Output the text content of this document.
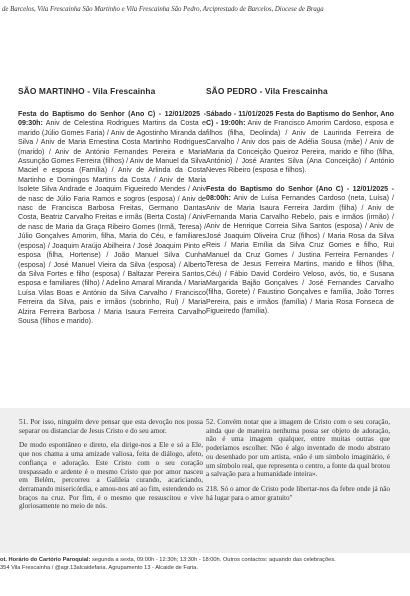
de Barcelos, Vila Frescainha São Martinho e Vila Frescainha São Pedro, Arciprestado de Barcelos, Diocese de Braga
SÃO MARTINHO - Vila Frescainha

Festa do Baptismo do Senhor (Ano C) - 12/01/2025 - 09:30h: Aniv de Celestina Rodrigues Martins da Costa e marido (Júlio Gomes Faria) / Aniv de Agostinho Miranda da Silva / Aniv de Maria Ernestina Costa Martinho Rodrigues (marido) / Aniv de António Fernandes Pereira e Maria Assunção Gomes Ferreira (filhos) / Aniv de Manuel da Silva Maciel e esposa (Família) / Aniv de Arlinda da Costa Martinho e Domingos Martins da Costa / Aniv de Maria Isolete Silva Andrade e Joaquim Figueiredo Mendes / Aniv de nasc de Júlio Faria Ramos e sogros (esposa) / Aniv de nasc de Francisca Barbosa Freitas, Germano Dantas Costa, Beatriz Carvalho Freitas e irmãs (Berta Costa) / Aniv de nasc de Maria da Graça Ribeiro Gomes (Irmã, Teresa) / Júlio Gonçalves Amorim, filha, Maria do Céu, e familiares (esposa) / Joaquim Araújo Abilheira / José Joaquim Pinto e esposa (filha, Hortense) / João Manuel Silva Cunha (esposa) / José Manuel Vieira da Silva (esposa) / Alberto da Silva Fortes e filho (esposa) / Baltazar Pereira Santos, esposa e familiares (filho) / Adelino Amaral Miranda / Maria Luísa Vilas Boas e António da Silva Carvalho / Francisco Ferreira da Silva, pais e irmãos (sobrinho, Rui) / Maria Alzira Ferreira Barbosa / Maria Isaura Ferreira Carvalho Sousa (filhos e marido).

SÃO PEDRO - Vila Frescainha

Sábado - 11/01/2025 Festa do Baptismo do Senhor, Ano C) - 19:00h: Aniv de Francisco Amorim Cardoso, esposa e filhos (filha, Deolinda) / Aniv de Laurinda Ferreira de Carvalho / Aniv dos pais de Adélia Sousa (mãe) / Aniv de Maria da Conceição Queiroz Pereira, marido e filho (filha, António) / José Arantes Silva (Ana Conceição) / António Neves Ribeiro (esposa e filhos).

Festa do Baptismo do Senhor (Ano C) - 12/01/2025 - 08:00h: Aniv de Luísa Fernandes Cardoso (neta, Luísa) / Aniv de Maria Isaura Ferreira Jardim (filha) / Aniv de Fernanda Maria Carvalho Rebelo, pais e irmãos (irmão) / Aniv de Henrique Correia Silva Santos (esposa) / Aniv de José Joaquim Oliveira Cruz (filhos) / Maria Rosa da Silva Reis / Maria Emília da Silva Cruz Gomes e filho, Rui Manuel da Cruz Gomes / Justina Ferreira Fernandes / Teresa de Jesus Ferreira Martins, marido e filhos (filha, Céu) / Fábio David Cordeiro Veloso, avós, tio, e Susana Margarida Bajão Gonçalves / José Fernandes Carvalho (filha, Gorete) / Faustino Gonçalves e família, João Torres Pereira, pais e irmãos (família) / Maria Rosa Fonseca de Figueiredo (família).

51. Por isso, ninguém deve pensar que esta devoção nos possa separar ou distanciar de Jesus Cristo e do seu amor.

De modo espontâneo e direto, ela dirige-nos a Ele e só a Ele, que nos chama a uma amizade valiosa, feita de diálogo, afeto, confiança e adoração. Este Cristo com o seu coração trespassado e ardente é o mesmo Cristo que por amor nasceu em Belém, percorreu a Galileia curando, acariciando, derramando misericórdia, e amou-nos até ao fim, estendendo os braços na cruz. Por fim, é o mesmo que ressuscitou e vive gloriosamente no meio de nós.

52. Convém notar que a imagem de Cristo com o seu coração, ainda que de maneira nenhuma possa ser objeto de adoração, não é uma imagem qualquer, entre muitas outras que poderíamos escolher. Não é algo inventado de modo abstrato ou desenhado por um artista, «não é um símbolo imaginário, é um símbolo real, que representa o centro, a fonte da qual brotou a salvação para a humanidade inteira».

218. Só o amor de Cristo pode libertar-nos da febre onde já não há lugar para o amor gratuito"

ot. Horário do Cartório Paroquial: segunda a sexta, 09:00h - 12:30h; 13:30h - 18:00h. Outros contactos: aquando das celebrações.
354 Vila Frescainha / @agr.13alcaidefaria. Agrupamento 13 - Alcaide de Faria.
